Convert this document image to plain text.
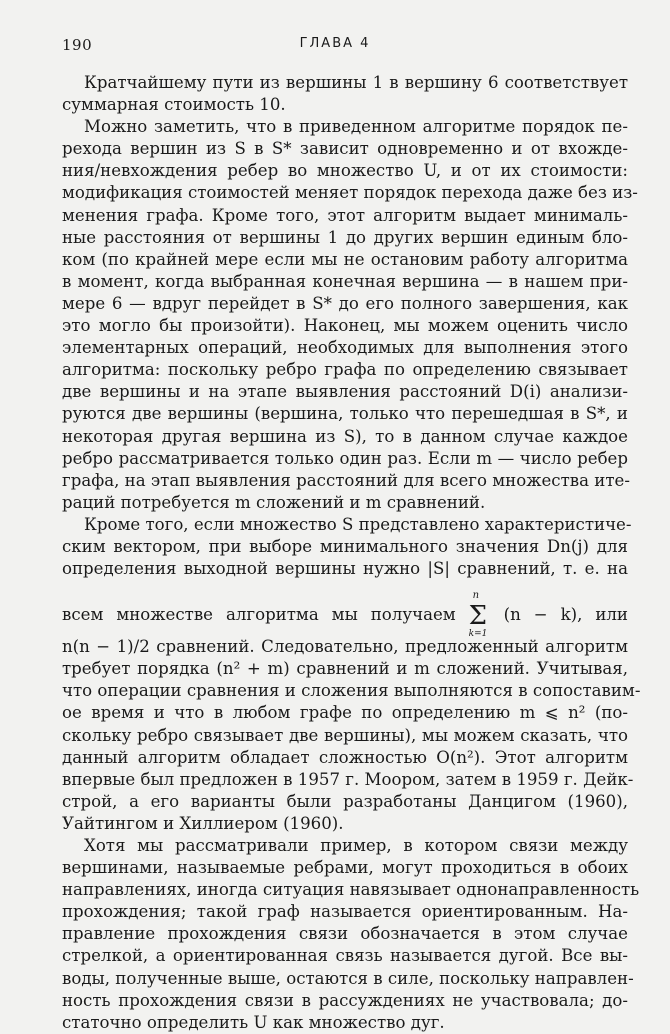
190	ГЛАВА 4

Кратчайшему пути из вершины 1 в вершину 6 соответствует
суммарная стоимость 10.

Можно заметить, что в приведенном алгоритме порядок пе-
рехода вершин из S в S* зависит одновременно и от вхожде-
ния/невхождения ребер во множество U, и от их стоимости:
модификация стоимостей меняет порядок перехода даже без из-
менения графа. Кроме того, этот алгоритм выдает минималь-
ные расстояния от вершины 1 до других вершин единым бло-
ком (по крайней мере если мы не остановим работу алгоритма
в момент, когда выбранная конечная вершина — в нашем при-
мере 6 — вдруг перейдет в S* до его полного завершения, как
это могло бы произойти). Наконец, мы можем оценить число
элементарных операций, необходимых для выполнения этого
алгоритма: поскольку ребро графа по определению связывает
две вершины и на этапе выявления расстояний D(i) анализи-
руются две вершины (вершина, только что перешедшая в S*, и
некоторая другая вершина из S), то в данном случае каждое
ребро рассматривается только один раз. Если m — число ребер
графа, на этап выявления расстояний для всего множества ите-
раций потребуется m сложений и m сравнений.

Кроме того, если множество S представлено характеристиче-
ским вектором, при выборе минимального значения Dn(j) для
определения выходной вершины нужно |S| сравнений, т. е. на
всем множестве алгоритма мы получаем Σ
n
k=1
(n − k), или
n(n − 1)/2 сравнений. Следовательно, предложенный алгоритм
требует порядка (n² + m) сравнений и m сложений. Учитывая,
что операции сравнения и сложения выполняются в сопоставим-
ое время и что в любом графе по определению m ⩽ n² (по-
скольку ребро связывает две вершины), мы можем сказать, что
данный алгоритм обладает сложностью O(n²). Этот алгоритм
впервые был предложен в 1957 г. Моором, затем в 1959 г. Дейк-
строй, а его варианты были разработаны Данцигом (1960),
Уайтингом и Хиллиером (1960).

Хотя мы рассматривали пример, в котором связи между
вершинами, называемые ребрами, могут проходиться в обоих
направлениях, иногда ситуация навязывает однонаправленность
прохождения; такой граф называется ориентированным. На-
правление прохождения связи обозначается в этом случае
стрелкой, а ориентированная связь называется дугой. Все вы-
воды, полученные выше, остаются в силе, поскольку направлен-
ность прохождения связи в рассуждениях не участвовала; до-
статочно определить U как множество дуг.
